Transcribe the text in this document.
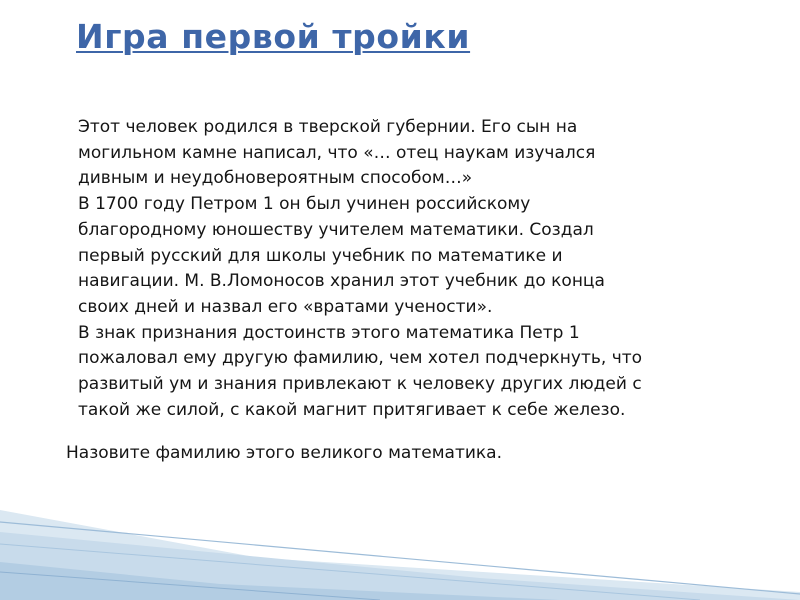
Игра первой тройки
Этот человек родился в тверской губернии. Его сын на
могильном камне написал, что «… отец наукам изучался
дивным и неудобновероятным способом…»
В 1700 году Петром 1 он был учинен российскому
благородному юношеству учителем математики. Создал
первый русский для школы учебник по математике и
навигации. М. В.Ломоносов хранил этот учебник до конца
своих дней и назвал его «вратами учености».
В знак признания достоинств этого математика Петр 1
пожаловал ему другую фамилию, чем хотел подчеркнуть, что
развитый ум и знания привлекают к человеку других людей с
такой же силой, с какой магнит притягивает к себе железо.

Назовите фамилию этого великого математика.
